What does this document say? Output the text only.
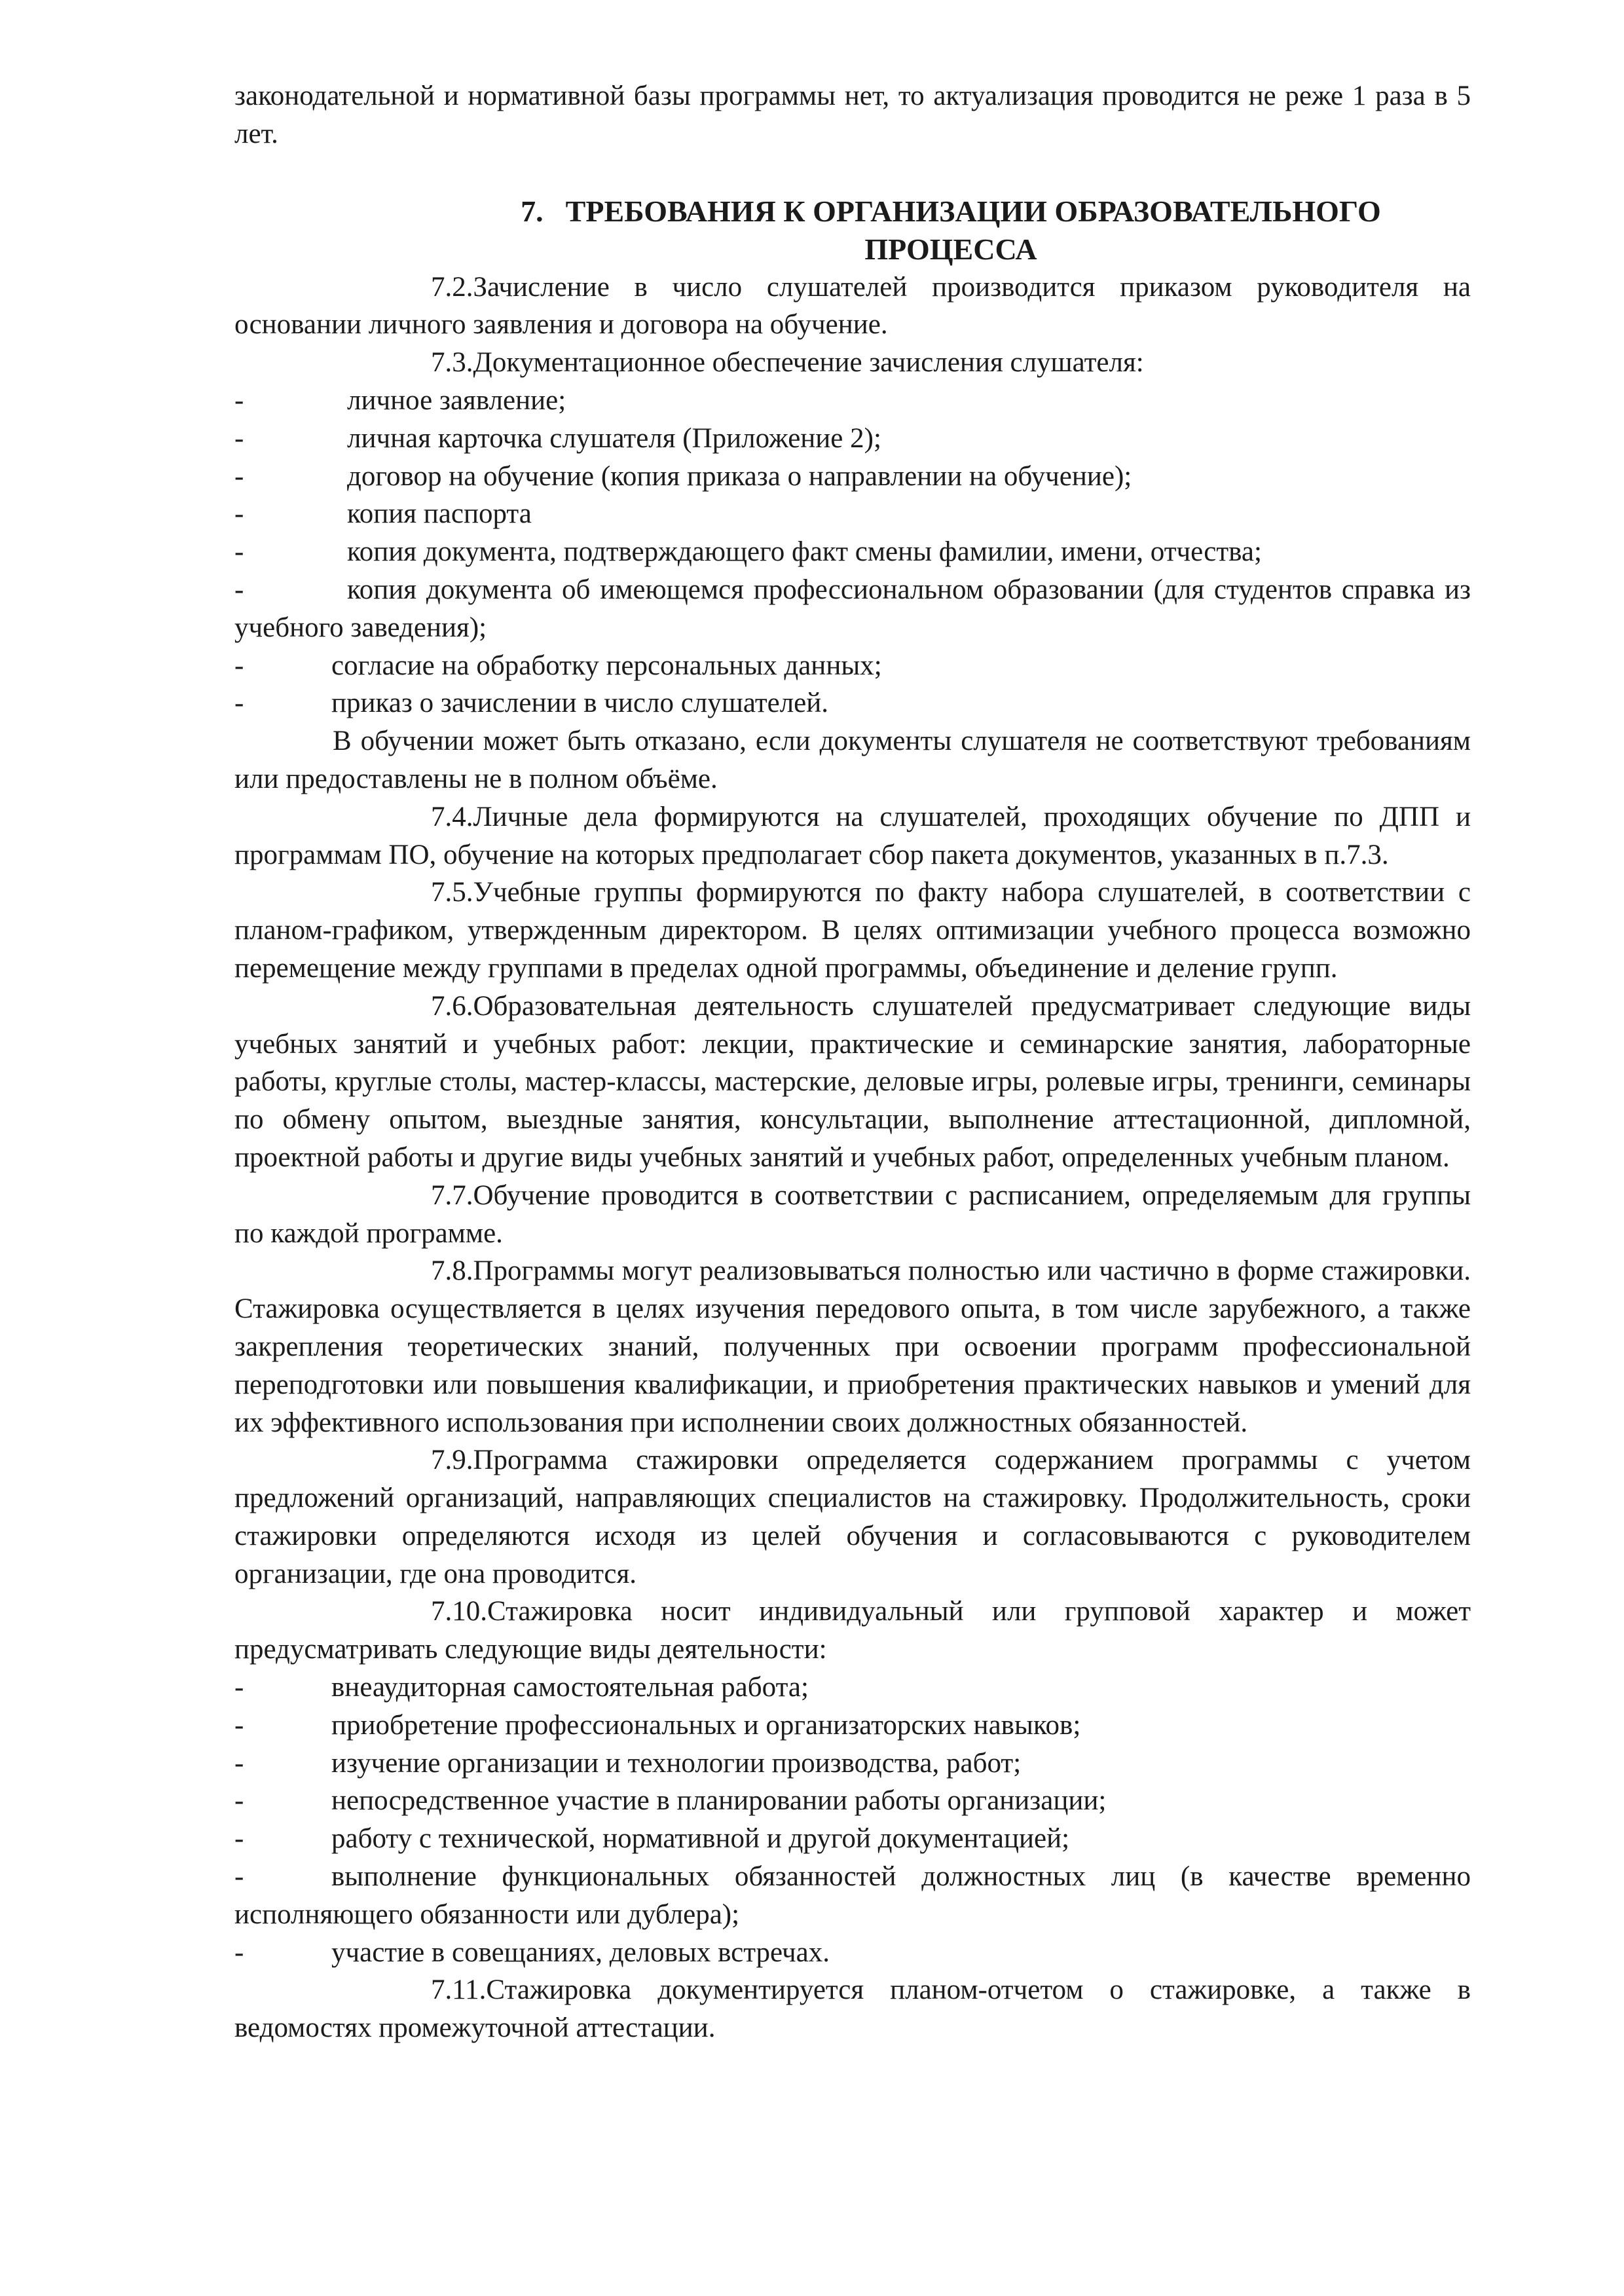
законодательной и нормативной базы программы нет, то актуализация проводится не реже 1 раза в 5 лет.

7. ТРЕБОВАНИЯ К ОРГАНИЗАЦИИ ОБРАЗОВАТЕЛЬНОГО ПРОЦЕССА

7.2.Зачисление в число слушателей производится приказом руководителя на основании личного заявления и договора на обучение.

7.3.Документационное обеспечение зачисления слушателя:

-	личное заявление;

-	личная карточка слушателя (Приложение 2);

-	договор на обучение (копия приказа о направлении на обучение);

-	копия паспорта

-	копия документа, подтверждающего факт смены фамилии, имени, отчества;

-	копия документа об имеющемся профессиональном образовании (для студентов справка из учебного заведения);

-	согласие на обработку персональных данных;

-	приказ о зачислении в число слушателей.

В обучении может быть отказано, если документы слушателя не соответствуют требованиям или предоставлены не в полном объёме.

7.4.Личные дела формируются на слушателей, проходящих обучение по ДПП и программам ПО, обучение на которых предполагает сбор пакета документов, указанных в п.7.3.

7.5.Учебные группы формируются по факту набора слушателей, в соответствии с планом-графиком, утвержденным директором. В целях оптимизации учебного процесса возможно перемещение между группами в пределах одной программы, объединение и деление групп.

7.6.Образовательная деятельность слушателей предусматривает следующие виды учебных занятий и учебных работ: лекции, практические и семинарские занятия, лабораторные работы, круглые столы, мастер-классы, мастерские, деловые игры, ролевые игры, тренинги, семинары по обмену опытом, выездные занятия, консультации, выполнение аттестационной, дипломной, проектной работы и другие виды учебных занятий и учебных работ, определенных учебным планом.

7.7.Обучение проводится в соответствии с расписанием, определяемым для группы по каждой программе.

7.8.Программы могут реализовываться полностью или частично в форме стажировки. Стажировка осуществляется в целях изучения передового опыта, в том числе зарубежного, а также закрепления теоретических знаний, полученных при освоении программ профессиональной переподготовки или повышения квалификации, и приобретения практических навыков и умений для их эффективного использования при исполнении своих должностных обязанностей.

7.9.Программа стажировки определяется содержанием программы с учетом предложений организаций, направляющих специалистов на стажировку. Продолжительность, сроки стажировки определяются исходя из целей обучения и согласовываются с руководителем организации, где она проводится.

7.10.Стажировка носит индивидуальный или групповой характер и может предусматривать следующие виды деятельности:

-	внеаудиторная самостоятельная работа;

-	приобретение профессиональных и организаторских навыков;

-	изучение организации и технологии производства, работ;

-	непосредственное участие в планировании работы организации;

-	работу с технической, нормативной и другой документацией;

-	выполнение функциональных обязанностей должностных лиц (в качестве временно исполняющего обязанности или дублера);

-	участие в совещаниях, деловых встречах.

7.11.Стажировка документируется планом-отчетом о стажировке, а также в ведомостях промежуточной аттестации.
